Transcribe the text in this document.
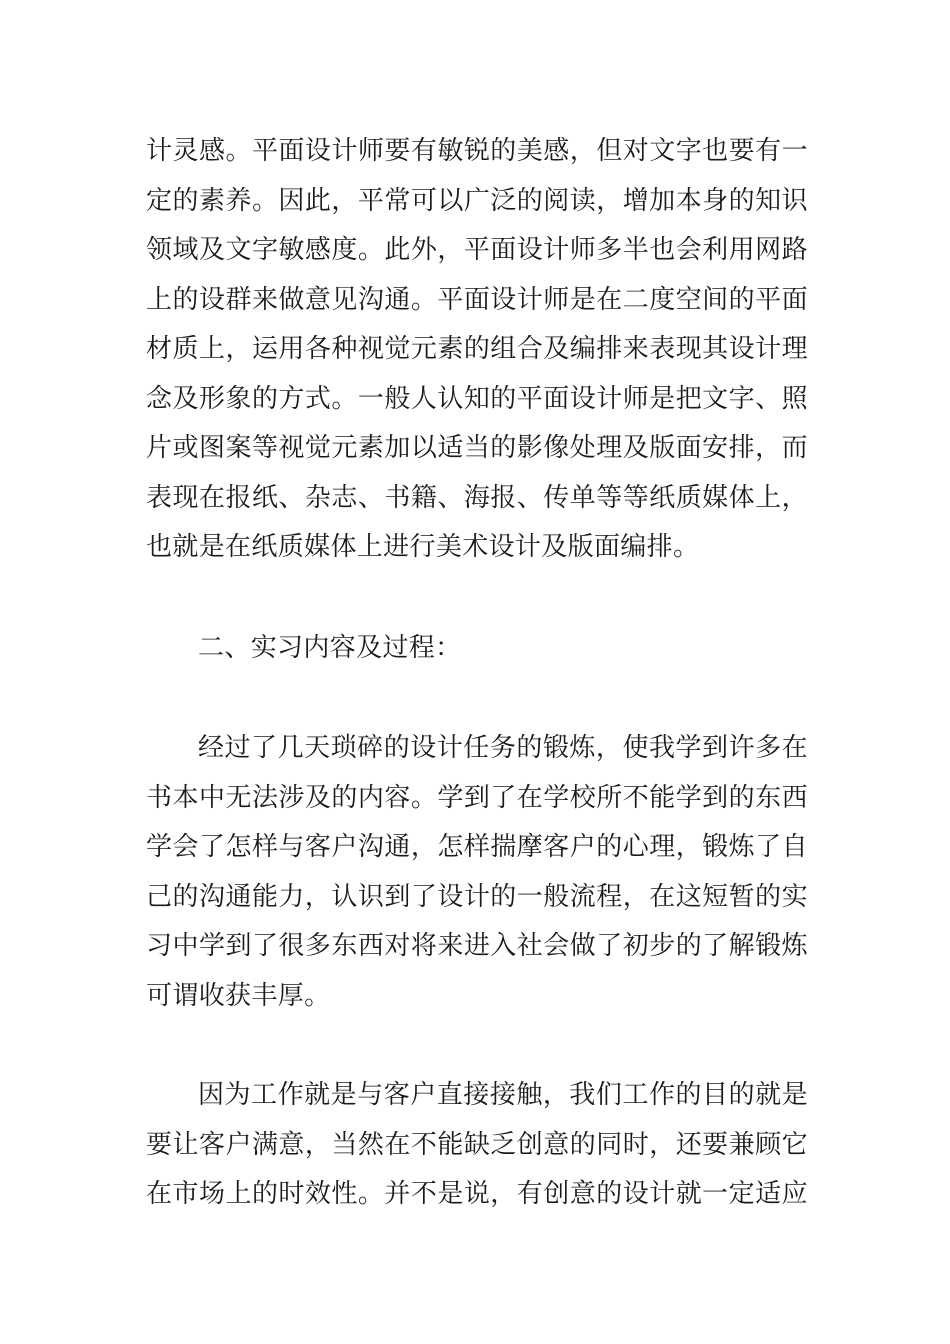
计灵感。平面设计师要有敏锐的美感，但对文字也要有一
定的素养。因此，平常可以广泛的阅读，增加本身的知识
领域及文字敏感度。此外，平面设计师多半也会利用网路
上的设群来做意见沟通。平面设计师是在二度空间的平面
材质上，运用各种视觉元素的组合及编排来表现其设计理
念及形象的方式。一般人认知的平面设计师是把文字、照
片或图案等视觉元素加以适当的影像处理及版面安排，而
表现在报纸、杂志、书籍、海报、传单等等纸质媒体上，
也就是在纸质媒体上进行美术设计及版面编排。
二、实习内容及过程：
经过了几天琐碎的设计任务的锻炼，使我学到许多在
书本中无法涉及的内容。学到了在学校所不能学到的东西
学会了怎样与客户沟通，怎样揣摩客户的心理，锻炼了自
己的沟通能力，认识到了设计的一般流程，在这短暂的实
习中学到了很多东西对将来进入社会做了初步的了解锻炼
可谓收获丰厚。
因为工作就是与客户直接接触，我们工作的目的就是
要让客户满意，当然在不能缺乏创意的同时，还要兼顾它
在市场上的时效性。并不是说，有创意的设计就一定适应
